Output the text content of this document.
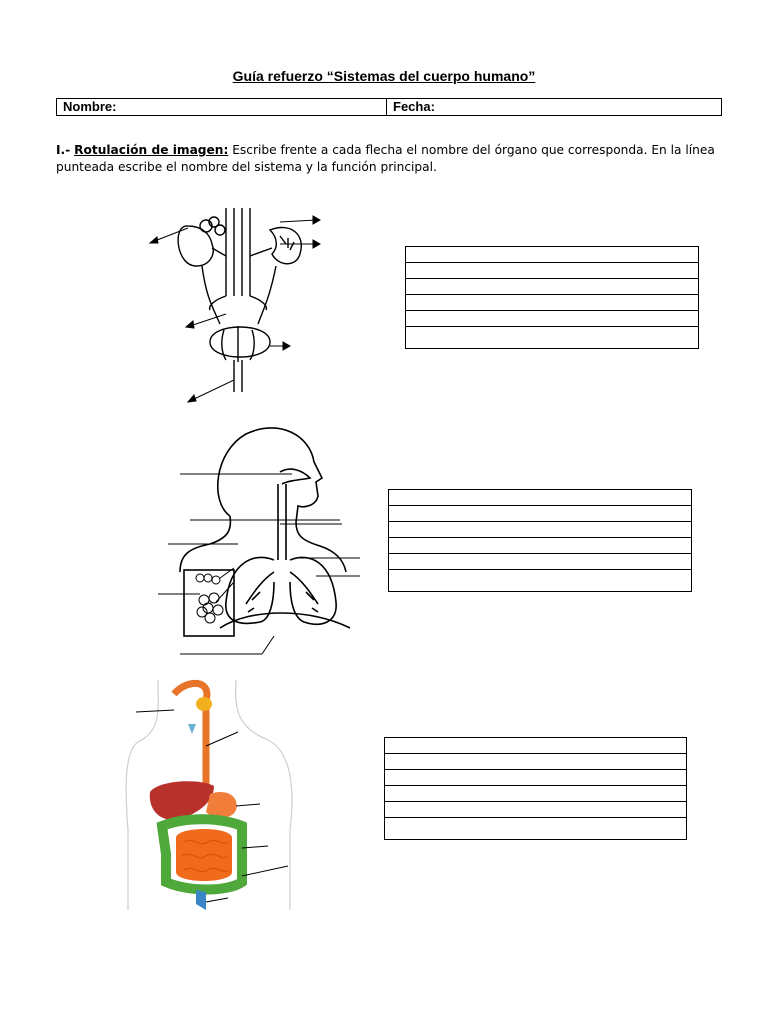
Guía refuerzo “Sistemas del cuerpo humano”
Nombre:	Fecha:
I.- Rotulación de imagen: Escribe frente a cada flecha el nombre del órgano que corresponda. En la línea punteada escribe el nombre del sistema y la función principal.
